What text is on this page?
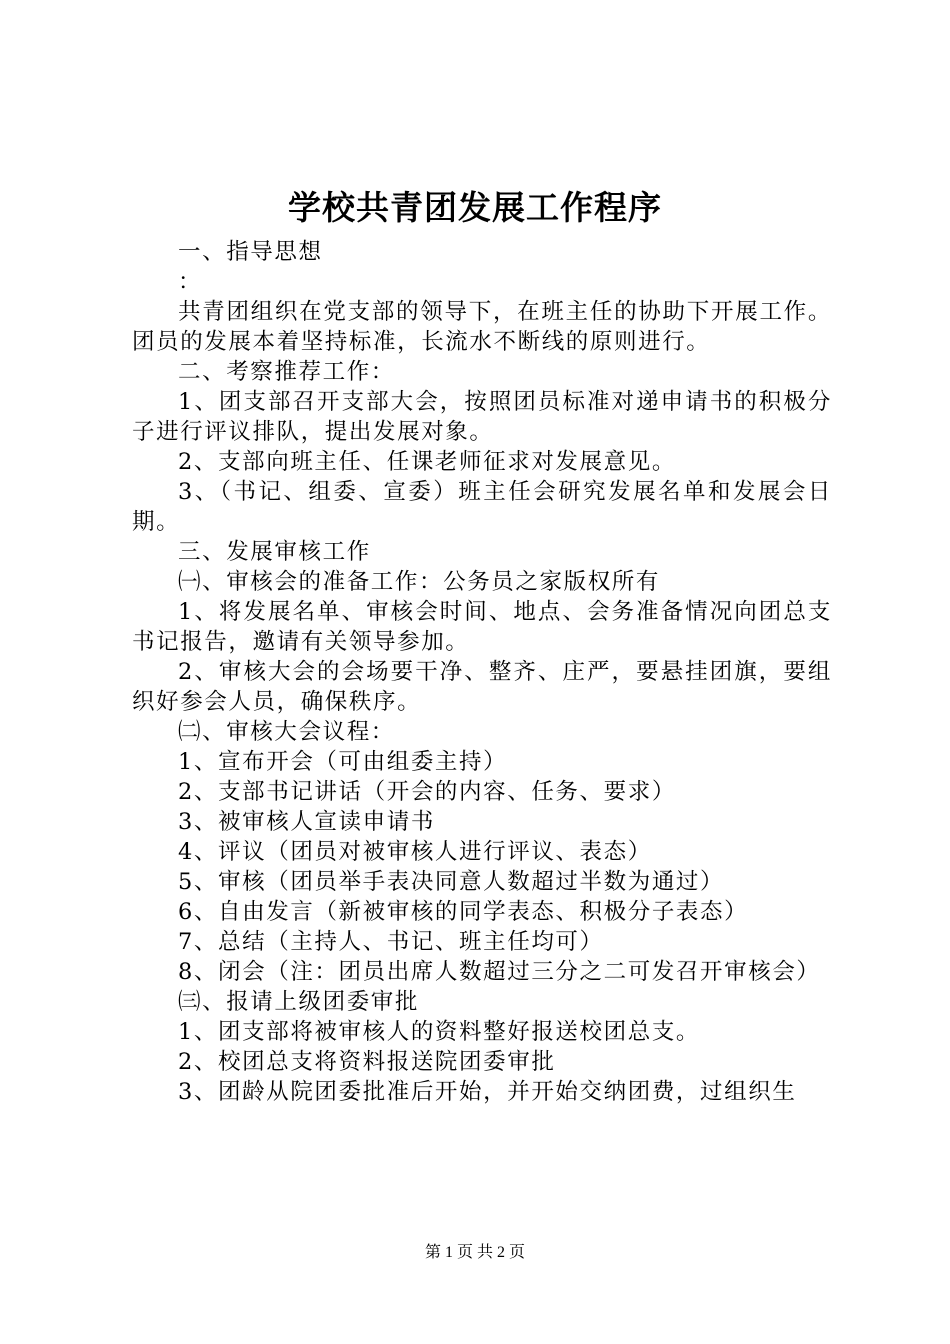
学校共青团发展工作程序

一、指导思想

：

共青团组织在党支部的领导下，在班主任的协助下开展工作。团员的发展本着坚持标准，长流水不断线的原则进行。

二、考察推荐工作：

1、团支部召开支部大会，按照团员标准对递申请书的积极分子进行评议排队，提出发展对象。

2、支部向班主任、任课老师征求对发展意见。

3、（书记、组委、宣委）班主任会研究发展名单和发展会日期。

三、发展审核工作

㈠、审核会的准备工作：公务员之家版权所有

1、将发展名单、审核会时间、地点、会务准备情况向团总支书记报告，邀请有关领导参加。

2、审核大会的会场要干净、整齐、庄严，要悬挂团旗，要组织好参会人员，确保秩序。

㈡、审核大会议程：

1、宣布开会（可由组委主持）

2、支部书记讲话（开会的内容、任务、要求）

3、被审核人宣读申请书

4、评议（团员对被审核人进行评议、表态）

5、审核（团员举手表决同意人数超过半数为通过）

6、自由发言（新被审核的同学表态、积极分子表态）

7、总结（主持人、书记、班主任均可）

8、闭会（注：团员出席人数超过三分之二可发召开审核会）

㈢、报请上级团委审批

1、团支部将被审核人的资料整好报送校团总支。

2、校团总支将资料报送院团委审批

3、团龄从院团委批准后开始，并开始交纳团费，过组织生

第 1 页 共 2 页
